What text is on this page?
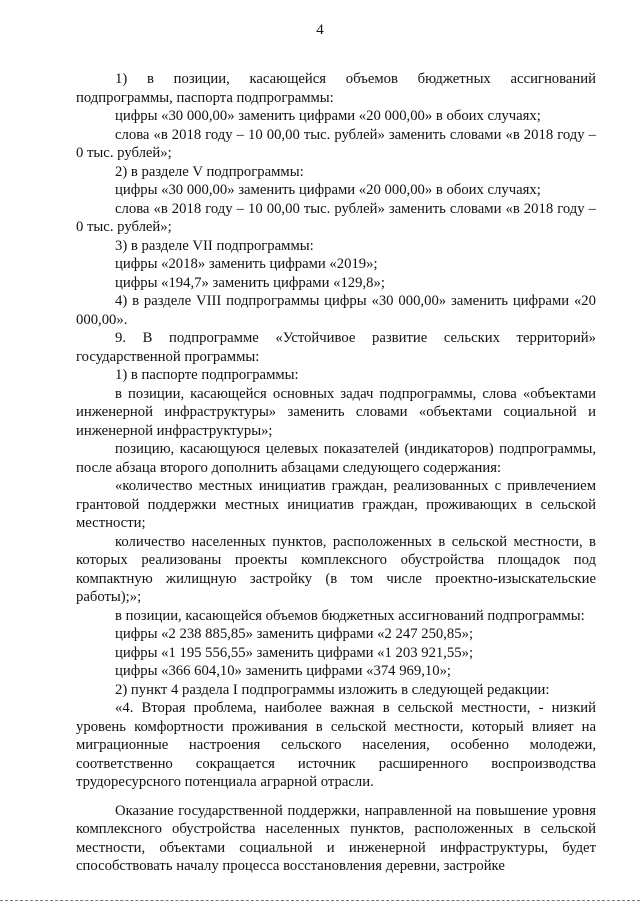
4

1) в позиции, касающейся объемов бюджетных ассигнований подпрограммы, паспорта подпрограммы:

цифры «30 000,00» заменить цифрами «20 000,00» в обоих случаях;

слова «в 2018 году – 10 00,00 тыс. рублей» заменить словами «в 2018 году – 0 тыс. рублей»;

2) в разделе V подпрограммы:

цифры «30 000,00» заменить цифрами «20 000,00» в обоих случаях;

слова «в 2018 году – 10 00,00 тыс. рублей» заменить словами «в 2018 году – 0 тыс. рублей»;

3) в разделе VII подпрограммы:

цифры «2018» заменить цифрами «2019»;

цифры «194,7» заменить цифрами «129,8»;

4) в разделе VIII подпрограммы цифры «30 000,00» заменить цифрами «20 000,00».

9. В подпрограмме «Устойчивое развитие сельских территорий» государственной программы:

1) в паспорте подпрограммы:

в позиции, касающейся основных задач подпрограммы, слова «объектами инженерной инфраструктуры» заменить словами «объектами социальной и инженерной инфраструктуры»;

позицию, касающуюся целевых показателей (индикаторов) подпрограммы, после абзаца второго дополнить абзацами следующего содержания:

«количество местных инициатив граждан, реализованных с привлечением грантовой поддержки местных инициатив граждан, проживающих в сельской местности;

количество населенных пунктов, расположенных в сельской местности, в которых реализованы проекты комплексного обустройства площадок под компактную жилищную застройку (в том числе проектно-изыскательские работы);»;

в позиции, касающейся объемов бюджетных ассигнований подпрограммы:

цифры «2 238 885,85» заменить цифрами «2 247 250,85»;

цифры «1 195 556,55» заменить цифрами «1 203 921,55»;

цифры «366 604,10» заменить цифрами «374 969,10»;

2) пункт 4 раздела I подпрограммы изложить в следующей редакции:

«4. Вторая проблема, наиболее важная в сельской местности, - низкий уровень комфортности проживания в сельской местности, который влияет на миграционные настроения сельского населения, особенно молодежи, соответственно сокращается источник расширенного воспроизводства трудоресурсного потенциала аграрной отрасли.

Оказание государственной поддержки, направленной на повышение уровня комплексного обустройства населенных пунктов, расположенных в сельской местности, объектами социальной и инженерной инфраструктуры, будет способствовать началу процесса восстановления деревни, застройке
